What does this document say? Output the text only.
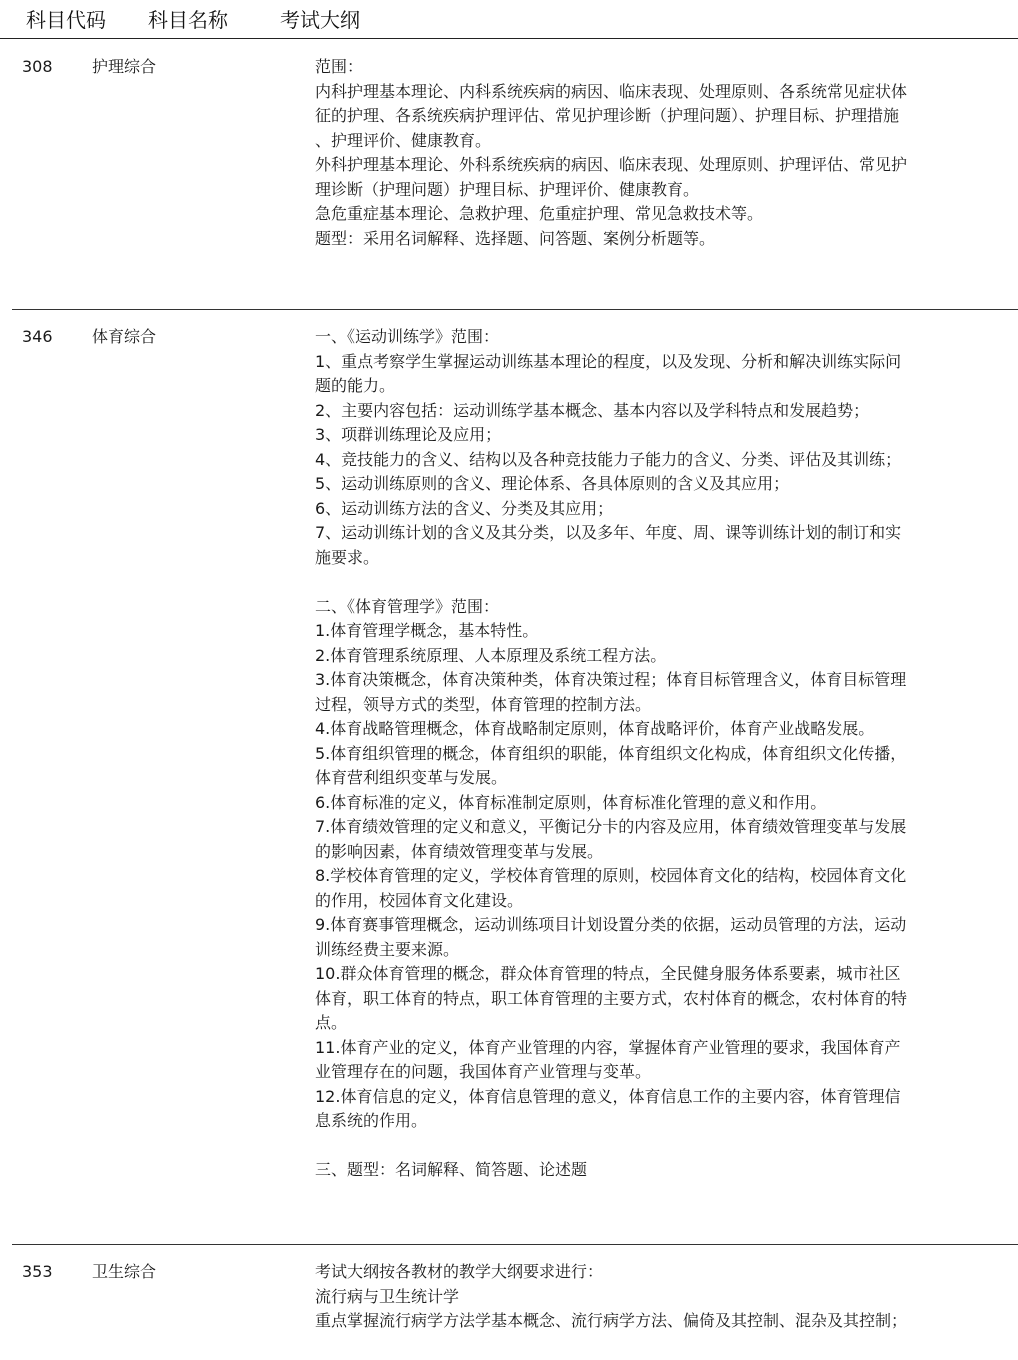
科目代码 科目名称	考试大纲
308 护理综合	范围：
内科护理基本理论、内科系统疾病的病因、临床表现、处理原则、各系统常见症状体
征的护理、各系统疾病护理评估、常见护理诊断（护理问题）、护理目标、护理措施
、护理评价、健康教育。
外科护理基本理论、外科系统疾病的病因、临床表现、处理原则、护理评估、常见护
理诊断（护理问题）护理目标、护理评价、健康教育。
急危重症基本理论、急救护理、危重症护理、常见急救技术等。
题型：采用名词解释、选择题、问答题、案例分析题等。
346 体育综合	一、《运动训练学》范围：
1、重点考察学生掌握运动训练基本理论的程度，以及发现、分析和解决训练实际问
题的能力。
2、主要内容包括：运动训练学基本概念、基本内容以及学科特点和发展趋势；
3、项群训练理论及应用；
4、竞技能力的含义、结构以及各种竞技能力子能力的含义、分类、评估及其训练；
5、运动训练原则的含义、理论体系、各具体原则的含义及其应用；
6、运动训练方法的含义、分类及其应用；
7、运动训练计划的含义及其分类，以及多年、年度、周、课等训练计划的制订和实
施要求。
二、《体育管理学》范围：
1.体育管理学概念，基本特性。
2.体育管理系统原理、人本原理及系统工程方法。
3.体育决策概念，体育决策种类，体育决策过程；体育目标管理含义，体育目标管理
过程，领导方式的类型，体育管理的控制方法。
4.体育战略管理概念，体育战略制定原则，体育战略评价，体育产业战略发展。
5.体育组织管理的概念，体育组织的职能，体育组织文化构成，体育组织文化传播，
体育营利组织变革与发展。
6.体育标准的定义，体育标准制定原则，体育标准化管理的意义和作用。
7.体育绩效管理的定义和意义，平衡记分卡的内容及应用，体育绩效管理变革与发展
的影响因素，体育绩效管理变革与发展。
8.学校体育管理的定义，学校体育管理的原则，校园体育文化的结构，校园体育文化
的作用，校园体育文化建设。
9.体育赛事管理概念，运动训练项目计划设置分类的依据，运动员管理的方法，运动
训练经费主要来源。
10.群众体育管理的概念，群众体育管理的特点，全民健身服务体系要素，城市社区
体育，职工体育的特点，职工体育管理的主要方式，农村体育的概念，农村体育的特
点。
11.体育产业的定义，体育产业管理的内容，掌握体育产业管理的要求，我国体育产
业管理存在的问题，我国体育产业管理与变革。
12.体育信息的定义，体育信息管理的意义，体育信息工作的主要内容，体育管理信
息系统的作用。
三、题型：名词解释、简答题、论述题
353 卫生综合	考试大纲按各教材的教学大纲要求进行：
流行病与卫生统计学
重点掌握流行病学方法学基本概念、流行病学方法、偏倚及其控制、混杂及其控制；
